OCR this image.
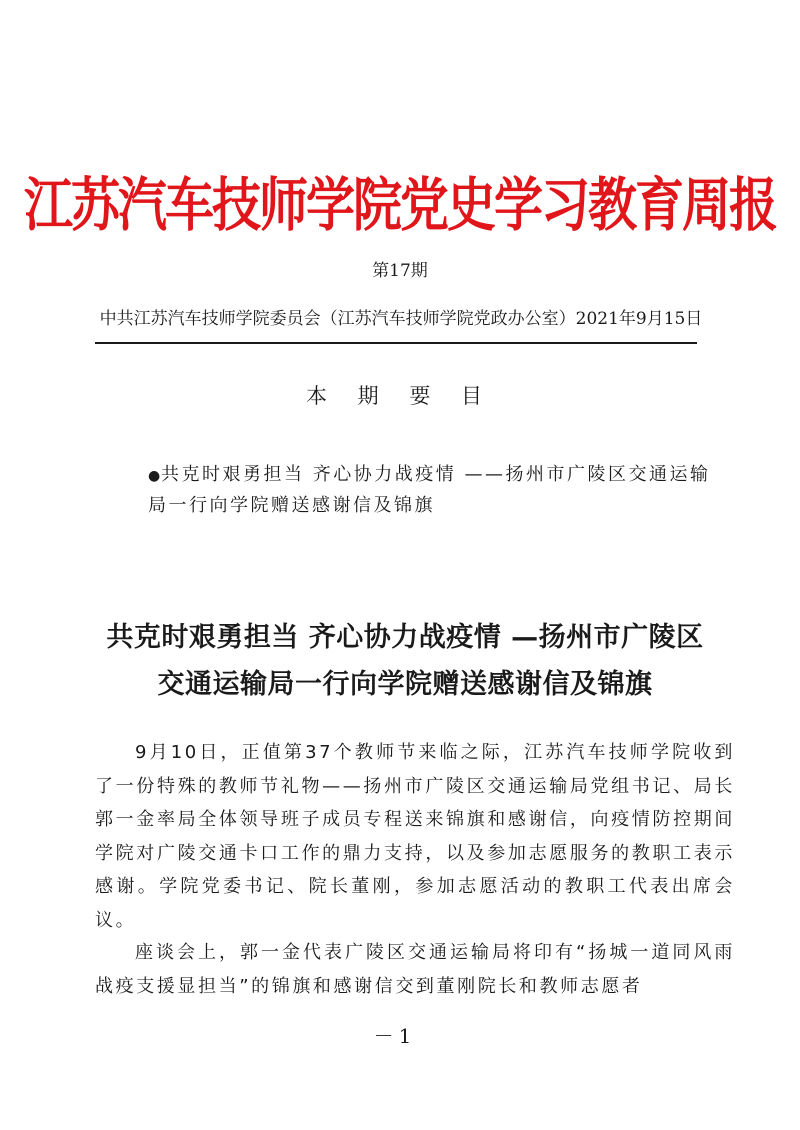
江苏汽车技师学院党史学习教育周报
第17期
中共江苏汽车技师学院委员会（江苏汽车技师学院党政办公室）2021年9月15日
本 期 要 目
●共克时艰勇担当 齐心协力战疫情 ——扬州市广陵区交通运输局一行向学院赠送感谢信及锦旗
共克时艰勇担当 齐心协力战疫情 —扬州市广陵区交通运输局一行向学院赠送感谢信及锦旗
9月10日，正值第37个教师节来临之际，江苏汽车技师学院收到了一份特殊的教师节礼物——扬州市广陵区交通运输局党组书记、局长郭一金率局全体领导班子成员专程送来锦旗和感谢信，向疫情防控期间学院对广陵交通卡口工作的鼎力支持，以及参加志愿服务的教职工表示感谢。学院党委书记、院长董刚，参加志愿活动的教职工代表出席会议。
座谈会上，郭一金代表广陵区交通运输局将印有“扬城一道同风雨 战疫支援显担当”的锦旗和感谢信交到董刚院长和教师志愿者
－1
